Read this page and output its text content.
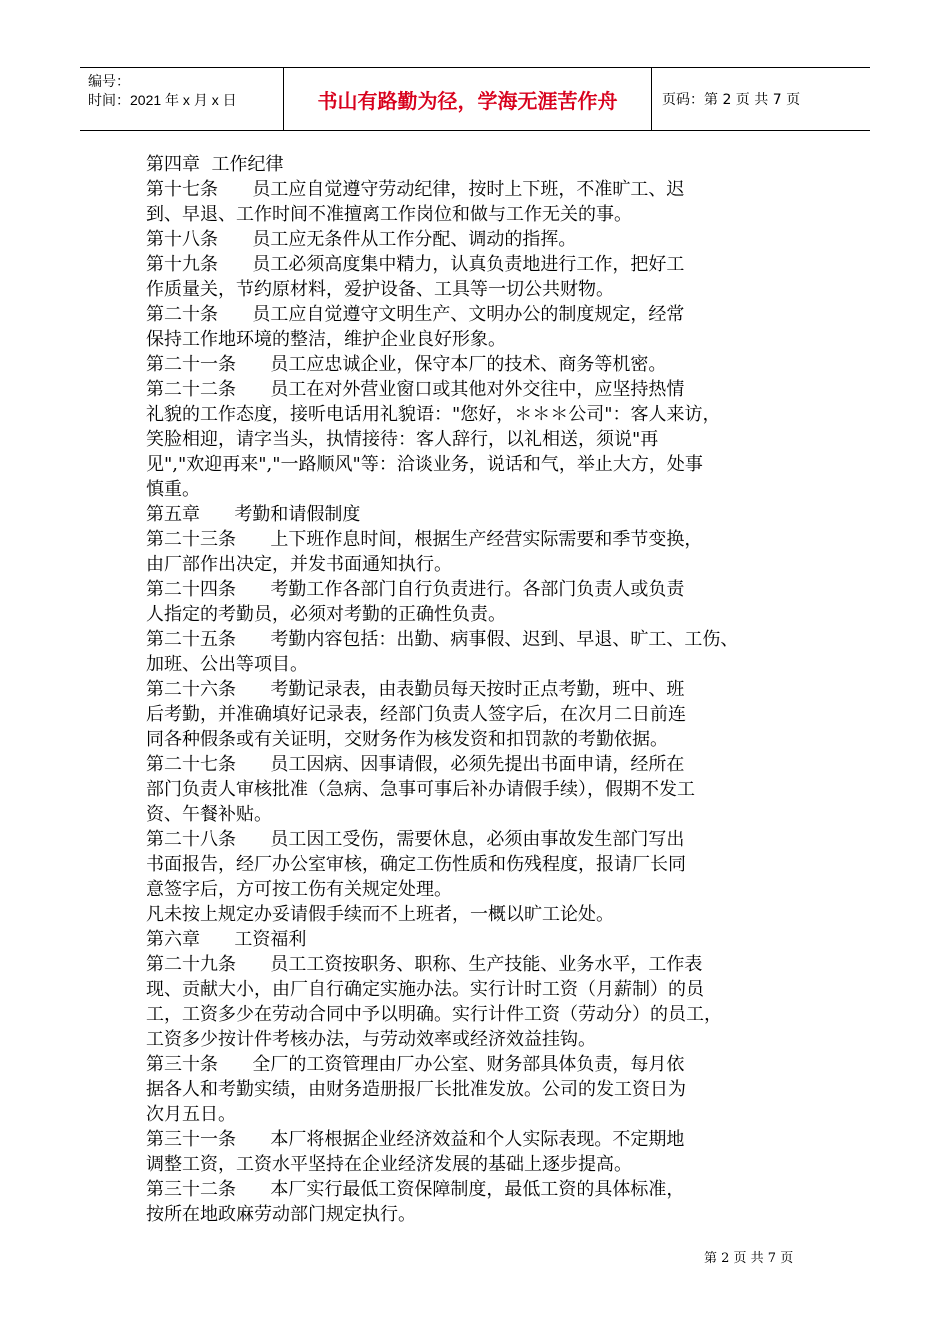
编号：
时间：2021 年 x 月 x 日	书山有路勤为径，学海无涯苦作舟	页码：第 2 页 共 7 页
第四章  工作纪律
第十七条      员工应自觉遵守劳动纪律，按时上下班，不准旷工、迟
到、早退、工作时间不准擅离工作岗位和做与工作无关的事。
第十八条      员工应无条件从工作分配、调动的指挥。
第十九条      员工必须高度集中精力，认真负责地进行工作，把好工
作质量关，节约原材料，爱护设备、工具等一切公共财物。
第二十条      员工应自觉遵守文明生产、文明办公的制度规定，经常
保持工作地环境的整洁，维护企业良好形象。
第二十一条      员工应忠诚企业，保守本厂的技术、商务等机密。
第二十二条      员工在对外营业窗口或其他对外交往中，应坚持热情
礼貌的工作态度，接听电话用礼貌语："您好，＊＊＊公司"：客人来访，
笑脸相迎，请字当头，执情接待：客人辞行，以礼相送，须说"再
见","欢迎再来","一路顺风"等：洽谈业务，说话和气，举止大方，处事
慎重。
第五章      考勤和请假制度
第二十三条      上下班作息时间，根据生产经营实际需要和季节变换，
由厂部作出决定，并发书面通知执行。
第二十四条      考勤工作各部门自行负责进行。各部门负责人或负责
人指定的考勤员，必须对考勤的正确性负责。
第二十五条      考勤内容包括：出勤、病事假、迟到、早退、旷工、工伤、
加班、公出等项目。
第二十六条      考勤记录表，由表勤员每天按时正点考勤，班中、班
后考勤，并准确填好记录表，经部门负责人签字后，在次月二日前连
同各种假条或有关证明，交财务作为核发资和扣罚款的考勤依据。
第二十七条      员工因病、因事请假，必须先提出书面申请，经所在
部门负责人审核批准（急病、急事可事后补办请假手续），假期不发工
资、午餐补贴。
第二十八条      员工因工受伤，需要休息，必须由事故发生部门写出
书面报告，经厂办公室审核，确定工伤性质和伤残程度，报请厂长同
意签字后，方可按工伤有关规定处理。
凡未按上规定办妥请假手续而不上班者，一概以旷工论处。
第六章      工资福利
第二十九条      员工工资按职务、职称、生产技能、业务水平，工作表
现、贡献大小，由厂自行确定实施办法。实行计时工资（月薪制）的员
工，工资多少在劳动合同中予以明确。实行计件工资（劳动分）的员工，
工资多少按计件考核办法，与劳动效率或经济效益挂钩。
第三十条      全厂的工资管理由厂办公室、财务部具体负责，每月依
据各人和考勤实绩，由财务造册报厂长批准发放。公司的发工资日为
次月五日。
第三十一条      本厂将根据企业经济效益和个人实际表现。不定期地
调整工资，工资水平坚持在企业经济发展的基础上逐步提高。
第三十二条      本厂实行最低工资保障制度，最低工资的具体标准，
按所在地政麻劳动部门规定执行。
第 2 页 共 7 页
